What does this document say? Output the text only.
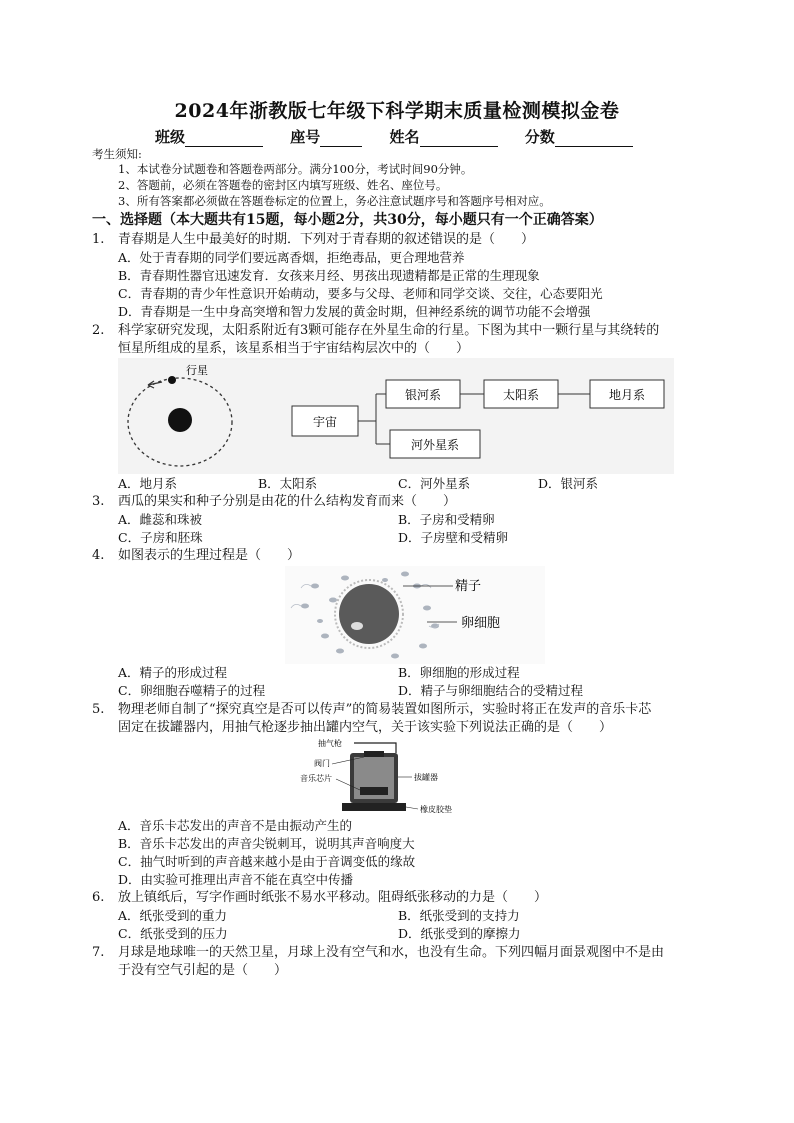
2024年浙教版七年级下科学期末质量检测模拟金卷
班级	座号	姓名	分数
考生须知:
1、本试卷分试题卷和答题卷两部分。满分100分，考试时间90分钟。
2、答题前，必须在答题卷的密封区内填写班级、姓名、座位号。
3、所有答案都必须做在答题卷标定的位置上，务必注意试题序号和答题序号相对应。
一、选择题（本大题共有15题，每小题2分，共30分，每小题只有一个正确答案）
1. 青春期是人生中最美好的时期．下列对于青春期的叙述错误的是（　　）
A．处于青春期的同学们要远离香烟，拒绝毒品，更合理地营养
B．青春期性器官迅速发育．女孩来月经、男孩出现遗精都是正常的生理现象
C．青春期的青少年性意识开始萌动，要多与父母、老师和同学交谈、交往，心态要阳光
D．青春期是一生中身高突增和智力发展的黄金时期，但神经系统的调节功能不会增强
2. 科学家研究发现，太阳系附近有3颗可能存在外星生命的行星。下图为其中一颗行星与其绕转的
恒星所组成的星系，该星系相当于宇宙结构层次中的（　　）
行星
宇宙
银河系	太阳系	地月系
河外星系
A．地月系	B．太阳系	C．河外星系	D．银河系
3. 西瓜的果实和种子分别是由花的什么结构发育而来（　　）
A．雌蕊和珠被	B．子房和受精卵
C．子房和胚珠	D．子房壁和受精卵
4. 如图表示的生理过程是（　　）
精子
卵细胞
A．精子的形成过程	B．卵细胞的形成过程
C．卵细胞吞噬精子的过程	D．精子与卵细胞结合的受精过程
5. 物理老师自制了“探究真空是否可以传声”的简易装置如图所示，实验时将正在发声的音乐卡芯
固定在拔罐器内，用抽气枪逐步抽出罐内空气，关于该实验下列说法正确的是（　　）
抽气枪
阀门
音乐芯片	拔罐器
橡皮胶垫
A．音乐卡芯发出的声音不是由振动产生的
B．音乐卡芯发出的声音尖锐刺耳，说明其声音响度大
C．抽气时听到的声音越来越小是由于音调变低的缘故
D．由实验可推理出声音不能在真空中传播
6. 放上镇纸后，写字作画时纸张不易水平移动。阻碍纸张移动的力是（　　）
A．纸张受到的重力	B．纸张受到的支持力
C．纸张受到的压力	D．纸张受到的摩擦力
7. 月球是地球唯一的天然卫星，月球上没有空气和水，也没有生命。下列四幅月面景观图中不是由
于没有空气引起的是（　　）
